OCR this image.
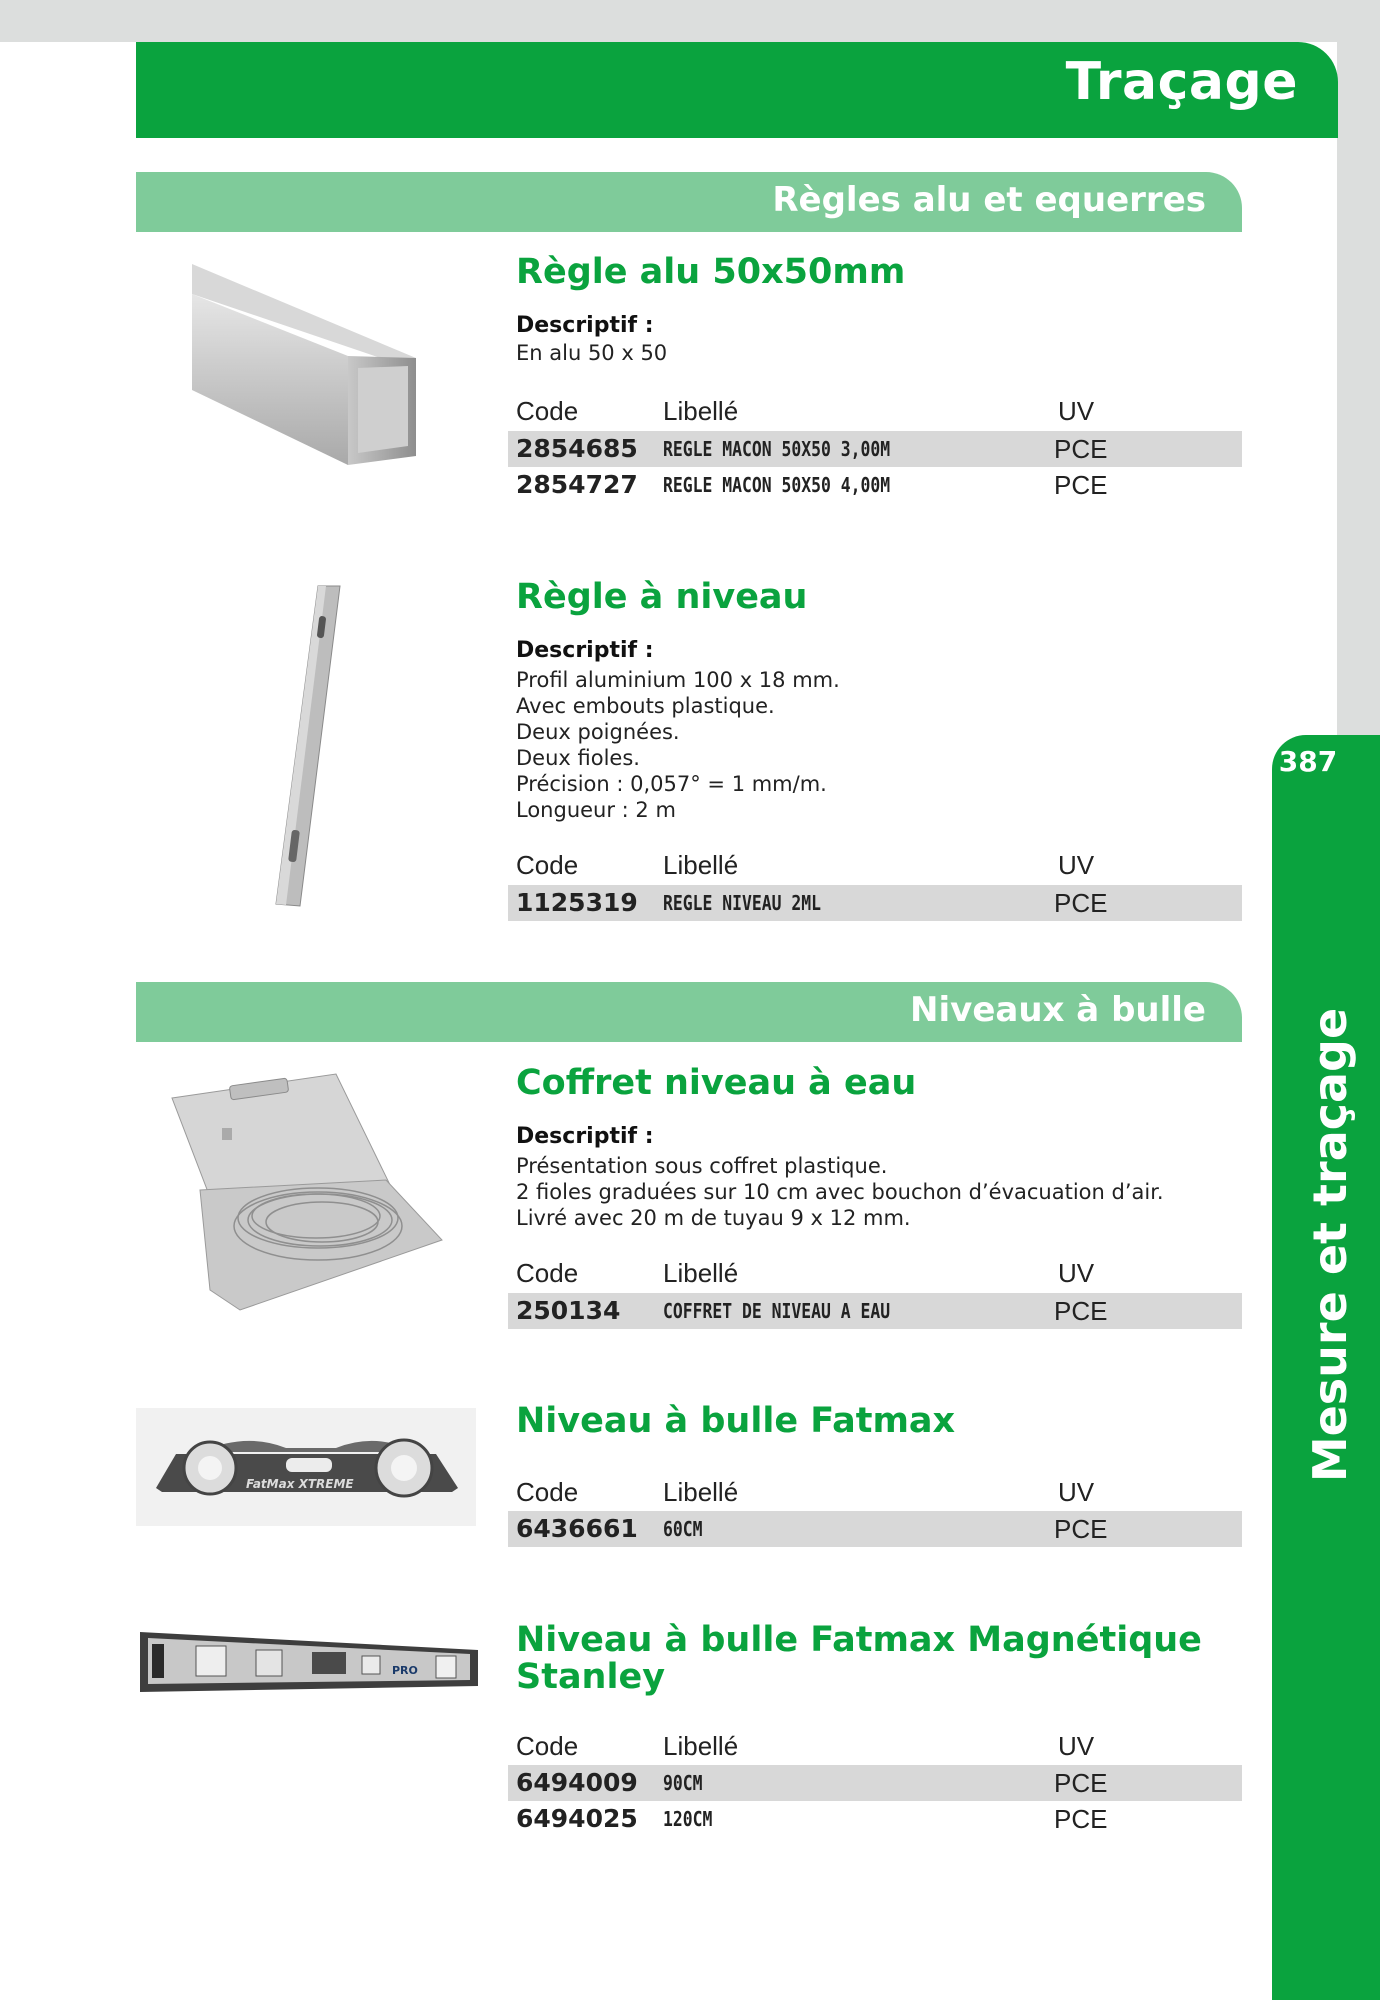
Traçage
387
Mesure et traçage
Règles alu et equerres
Règle alu 50x50mm
Descriptif :
En alu 50 x 50
Code	Libellé	UV
2854685 REGLE MACON 50X50 3,00M	PCE
2854727 REGLE MACON 50X50 4,00M	PCE
Règle à niveau
Descriptif :
Profil aluminium 100 x 18 mm.
Avec embouts plastique.
Deux poignées.
Deux fioles.
Précision : 0,057° = 1 mm/m.
Longueur : 2 m
Code	Libellé	UV
1125319 REGLE NIVEAU 2ML	PCE
Niveaux à bulle
Coffret niveau à eau
Descriptif :
Présentation sous coffret plastique.
2 fioles graduées sur 10 cm avec bouchon d’évacuation d’air.
Livré avec 20 m de tuyau 9 x 12 mm.
Code	Libellé	UV
250134 COFFRET DE NIVEAU A EAU	PCE
FatMax XTREME
Niveau à bulle Fatmax
Code	Libellé	UV
6436661 60CM	PCE
PRO
Niveau à bulle Fatmax Magnétique
Stanley
Code	Libellé	UV
6494009 90CM	PCE
6494025 120CM	PCE
